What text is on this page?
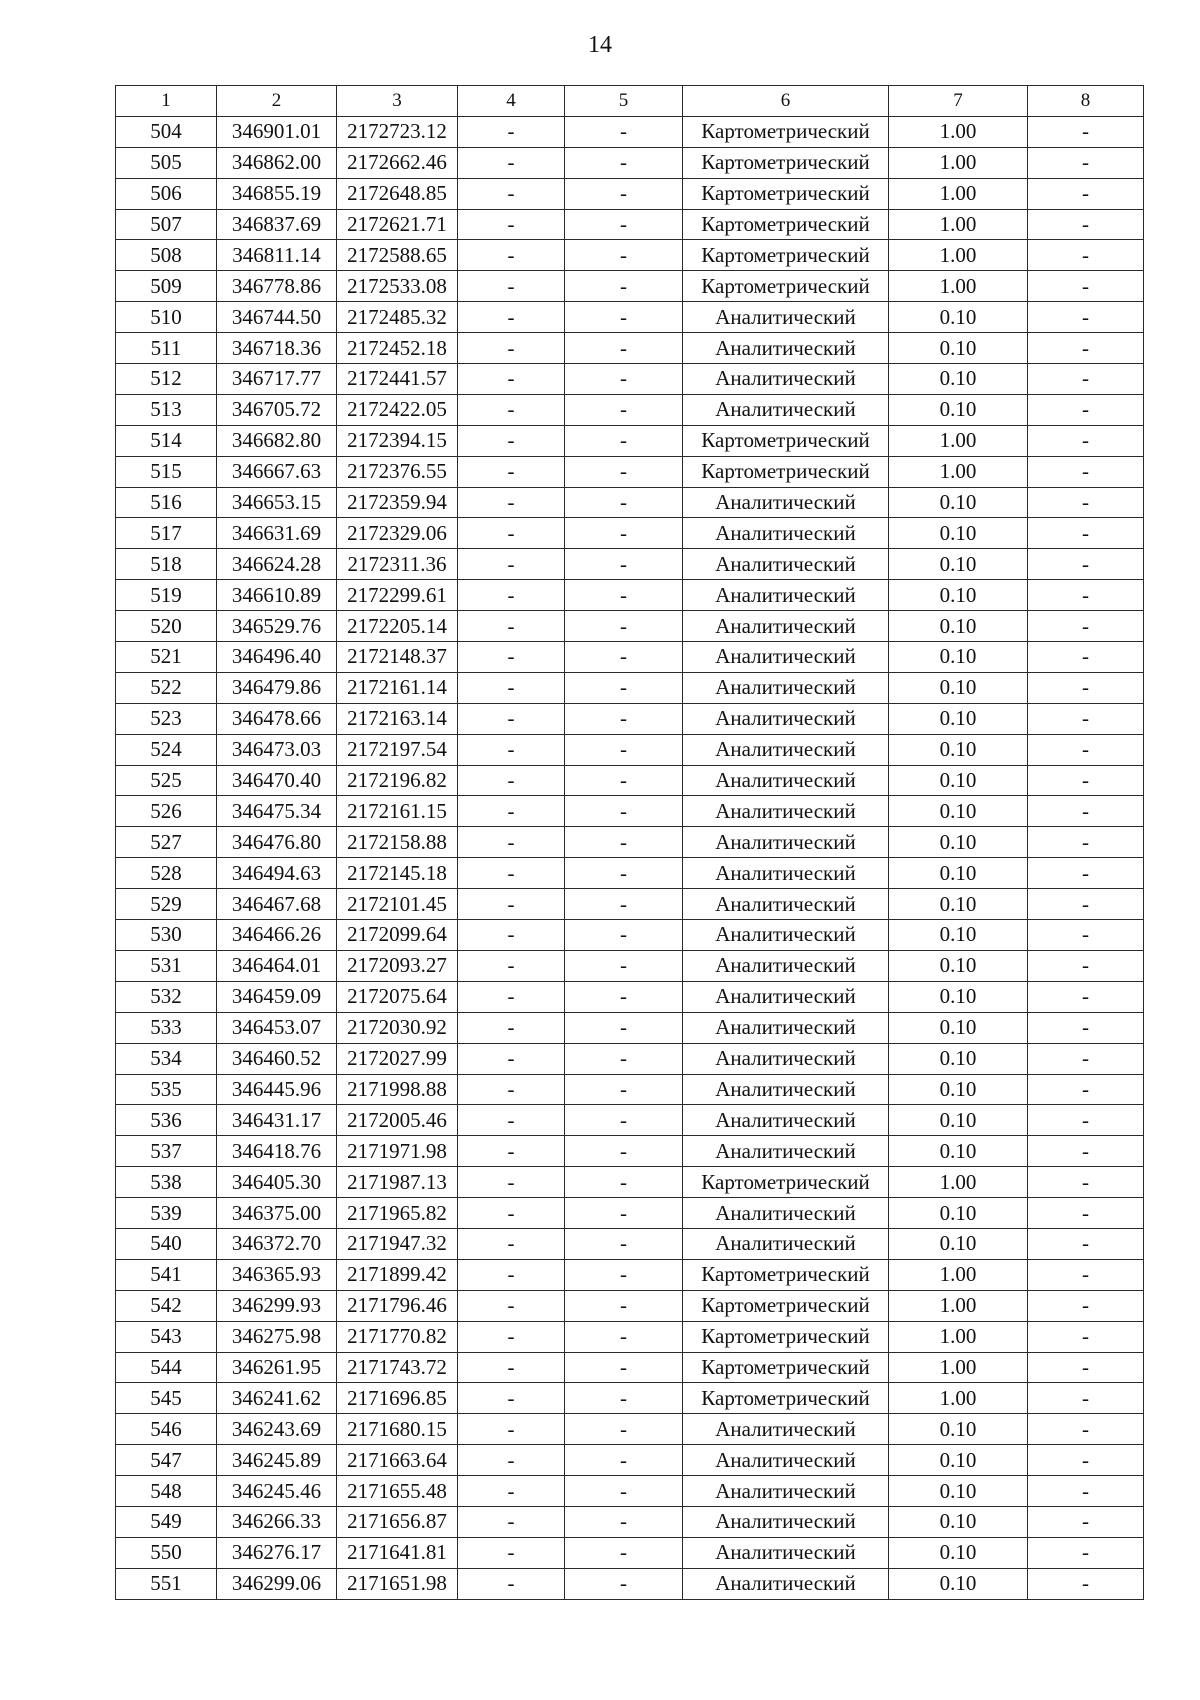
14
1	2	3	4	5	6	7	8
504	346901.01	2172723.12	-	-	Картометрический	1.00	-
505	346862.00	2172662.46	-	-	Картометрический	1.00	-
506	346855.19	2172648.85	-	-	Картометрический	1.00	-
507	346837.69	2172621.71	-	-	Картометрический	1.00	-
508	346811.14	2172588.65	-	-	Картометрический	1.00	-
509	346778.86	2172533.08	-	-	Картометрический	1.00	-
510	346744.50	2172485.32	-	-	Аналитический	0.10	-
511	346718.36	2172452.18	-	-	Аналитический	0.10	-
512	346717.77	2172441.57	-	-	Аналитический	0.10	-
513	346705.72	2172422.05	-	-	Аналитический	0.10	-
514	346682.80	2172394.15	-	-	Картометрический	1.00	-
515	346667.63	2172376.55	-	-	Картометрический	1.00	-
516	346653.15	2172359.94	-	-	Аналитический	0.10	-
517	346631.69	2172329.06	-	-	Аналитический	0.10	-
518	346624.28	2172311.36	-	-	Аналитический	0.10	-
519	346610.89	2172299.61	-	-	Аналитический	0.10	-
520	346529.76	2172205.14	-	-	Аналитический	0.10	-
521	346496.40	2172148.37	-	-	Аналитический	0.10	-
522	346479.86	2172161.14	-	-	Аналитический	0.10	-
523	346478.66	2172163.14	-	-	Аналитический	0.10	-
524	346473.03	2172197.54	-	-	Аналитический	0.10	-
525	346470.40	2172196.82	-	-	Аналитический	0.10	-
526	346475.34	2172161.15	-	-	Аналитический	0.10	-
527	346476.80	2172158.88	-	-	Аналитический	0.10	-
528	346494.63	2172145.18	-	-	Аналитический	0.10	-
529	346467.68	2172101.45	-	-	Аналитический	0.10	-
530	346466.26	2172099.64	-	-	Аналитический	0.10	-
531	346464.01	2172093.27	-	-	Аналитический	0.10	-
532	346459.09	2172075.64	-	-	Аналитический	0.10	-
533	346453.07	2172030.92	-	-	Аналитический	0.10	-
534	346460.52	2172027.99	-	-	Аналитический	0.10	-
535	346445.96	2171998.88	-	-	Аналитический	0.10	-
536	346431.17	2172005.46	-	-	Аналитический	0.10	-
537	346418.76	2171971.98	-	-	Аналитический	0.10	-
538	346405.30	2171987.13	-	-	Картометрический	1.00	-
539	346375.00	2171965.82	-	-	Аналитический	0.10	-
540	346372.70	2171947.32	-	-	Аналитический	0.10	-
541	346365.93	2171899.42	-	-	Картометрический	1.00	-
542	346299.93	2171796.46	-	-	Картометрический	1.00	-
543	346275.98	2171770.82	-	-	Картометрический	1.00	-
544	346261.95	2171743.72	-	-	Картометрический	1.00	-
545	346241.62	2171696.85	-	-	Картометрический	1.00	-
546	346243.69	2171680.15	-	-	Аналитический	0.10	-
547	346245.89	2171663.64	-	-	Аналитический	0.10	-
548	346245.46	2171655.48	-	-	Аналитический	0.10	-
549	346266.33	2171656.87	-	-	Аналитический	0.10	-
550	346276.17	2171641.81	-	-	Аналитический	0.10	-
551	346299.06	2171651.98	-	-	Аналитический	0.10	-
